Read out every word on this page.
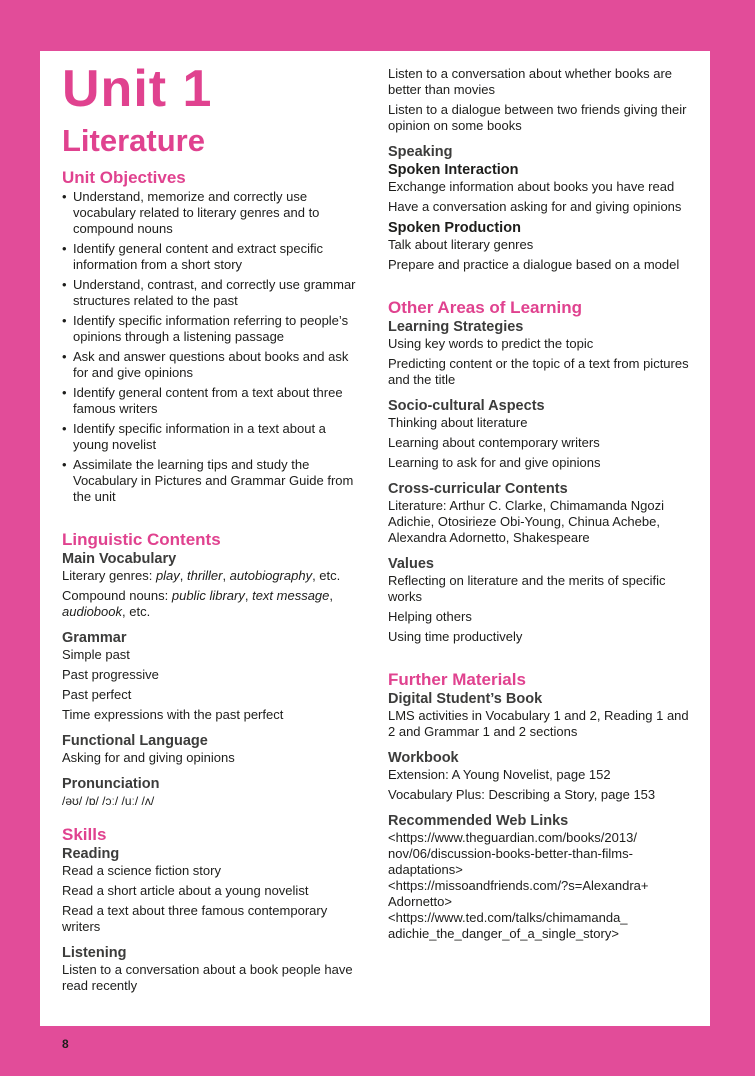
Unit 1
Literature
Unit Objectives
• Understand, memorize and correctly use vocabulary related to literary genres and to compound nouns
• Identify general content and extract specific information from a short story
• Understand, contrast, and correctly use grammar structures related to the past
• Identify specific information referring to people’s opinions through a listening passage
• Ask and answer questions about books and ask for and give opinions
• Identify general content from a text about three famous writers
• Identify specific information in a text about a young novelist
• Assimilate the learning tips and study the Vocabulary in Pictures and Grammar Guide from the unit
Linguistic Contents
Main Vocabulary

Literary genres: play, thriller, autobiography, etc.

Compound nouns: public library, text message, audiobook, etc.

Grammar

Simple past

Past progressive

Past perfect

Time expressions with the past perfect

Functional Language

Asking for and giving opinions

Pronunciation

/əʊ/ /ɒ/ /ɔː/ /uː/ /ʌ/

Skills
Reading

Read a science fiction story

Read a short article about a young novelist

Read a text about three famous contemporary writers

Listening

Listen to a conversation about a book people have read recently

Listen to a conversation about whether books are better than movies

Listen to a dialogue between two friends giving their opinion on some books

Speaking
Spoken Interaction

Exchange information about books you have read

Have a conversation asking for and giving opinions

Spoken Production

Talk about literary genres

Prepare and practice a dialogue based on a model

Other Areas of Learning
Learning Strategies

Using key words to predict the topic

Predicting content or the topic of a text from pictures and the title

Socio-cultural Aspects

Thinking about literature

Learning about contemporary writers

Learning to ask for and give opinions

Cross-curricular Contents

Literature: Arthur C. Clarke, Chimamanda Ngozi Adichie, Otosirieze Obi-Young, Chinua Achebe, Alexandra Adornetto, Shakespeare

Values

Reflecting on literature and the merits of specific works

Helping others

Using time productively

Further Materials
Digital Student’s Book

LMS activities in Vocabulary 1 and 2, Reading 1 and 2 and Grammar 1 and 2 sections

Workbook

Extension: A Young Novelist, page 152

Vocabulary Plus: Describing a Story, page 153

Recommended Web Links

<https://www.theguardian.com/books/2013/ nov/06/discussion-books-better-than-films-adaptations>

<https://missoandfriends.com/?s=Alexandra+ Adornetto>

<https://www.ted.com/talks/chimamanda_ adichie_the_danger_of_a_single_story>

8
